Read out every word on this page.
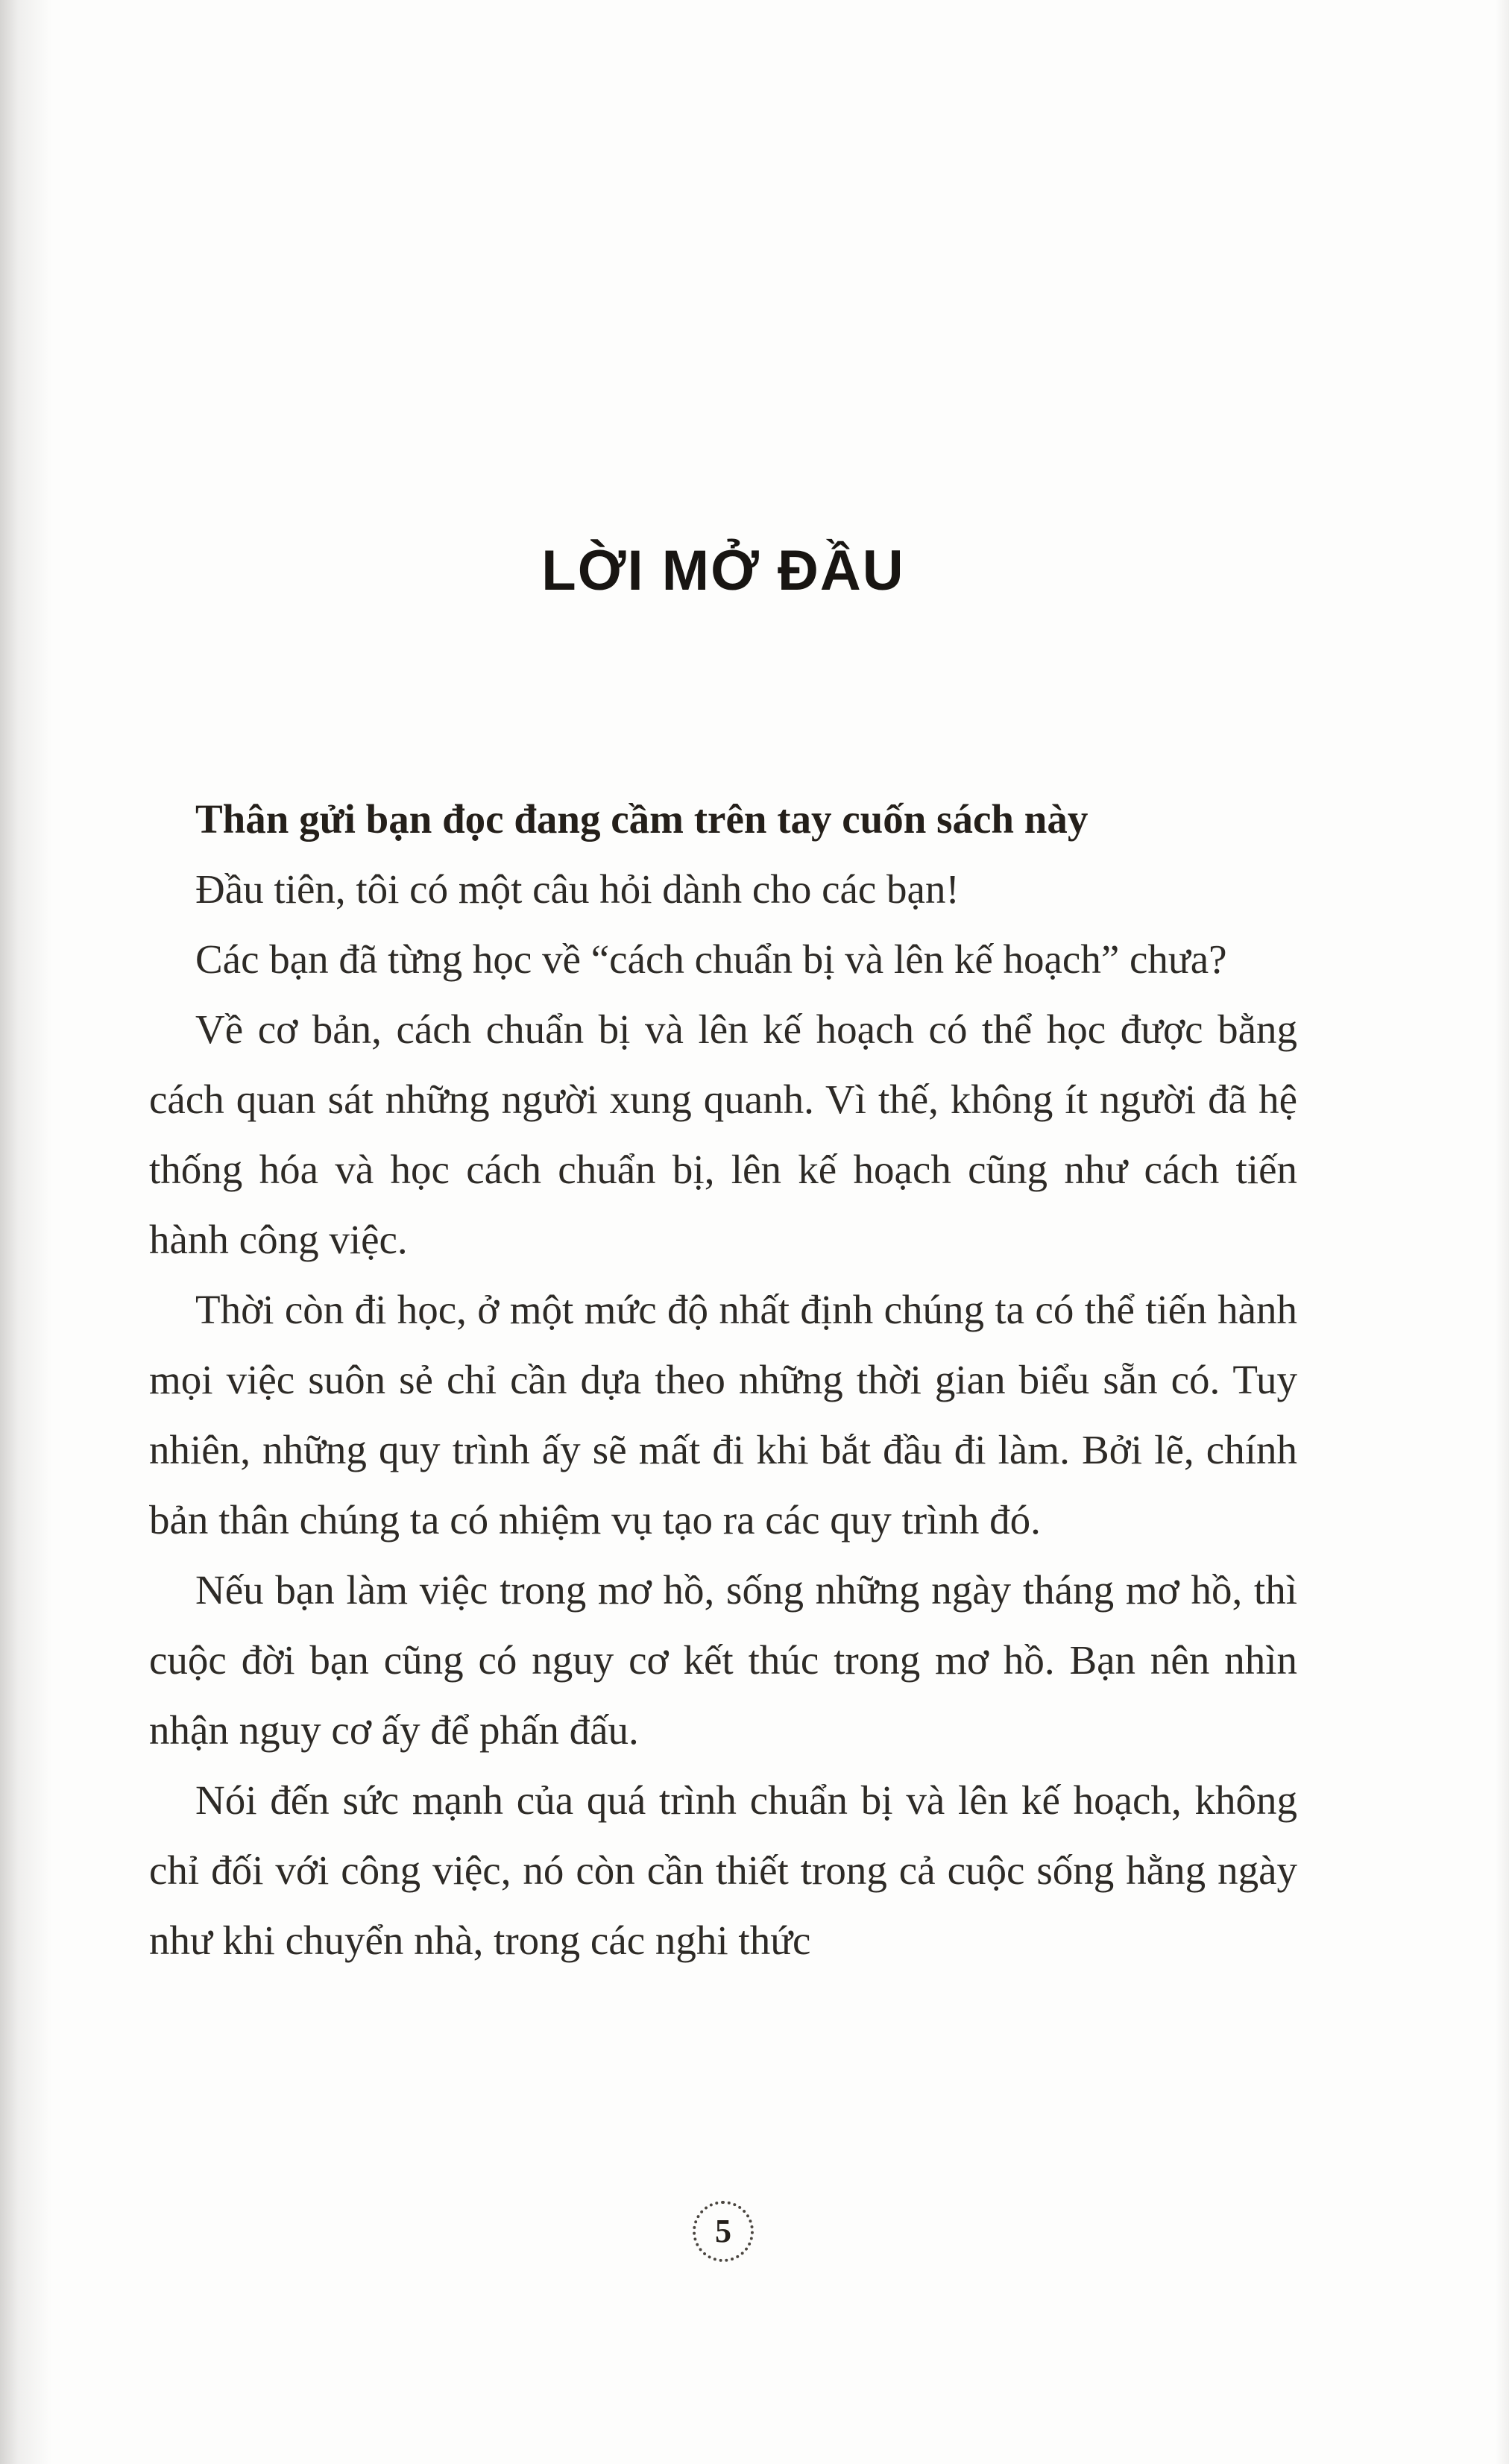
LỜI MỞ ĐẦU

Thân gửi bạn đọc đang cầm trên tay cuốn sách này

Đầu tiên, tôi có một câu hỏi dành cho các bạn!

Các bạn đã từng học về “cách chuẩn bị và lên kế hoạch” chưa?

Về cơ bản, cách chuẩn bị và lên kế hoạch có thể học được bằng cách quan sát những người xung quanh. Vì thế, không ít người đã hệ thống hóa và học cách chuẩn bị, lên kế hoạch cũng như cách tiến hành công việc.

Thời còn đi học, ở một mức độ nhất định chúng ta có thể tiến hành mọi việc suôn sẻ chỉ cần dựa theo những thời gian biểu sẵn có. Tuy nhiên, những quy trình ấy sẽ mất đi khi bắt đầu đi làm. Bởi lẽ, chính bản thân chúng ta có nhiệm vụ tạo ra các quy trình đó.

Nếu bạn làm việc trong mơ hồ, sống những ngày tháng mơ hồ, thì cuộc đời bạn cũng có nguy cơ kết thúc trong mơ hồ. Bạn nên nhìn nhận nguy cơ ấy để phấn đấu.

Nói đến sức mạnh của quá trình chuẩn bị và lên kế hoạch, không chỉ đối với công việc, nó còn cần thiết trong cả cuộc sống hằng ngày như khi chuyển nhà, trong các nghi thức

5
